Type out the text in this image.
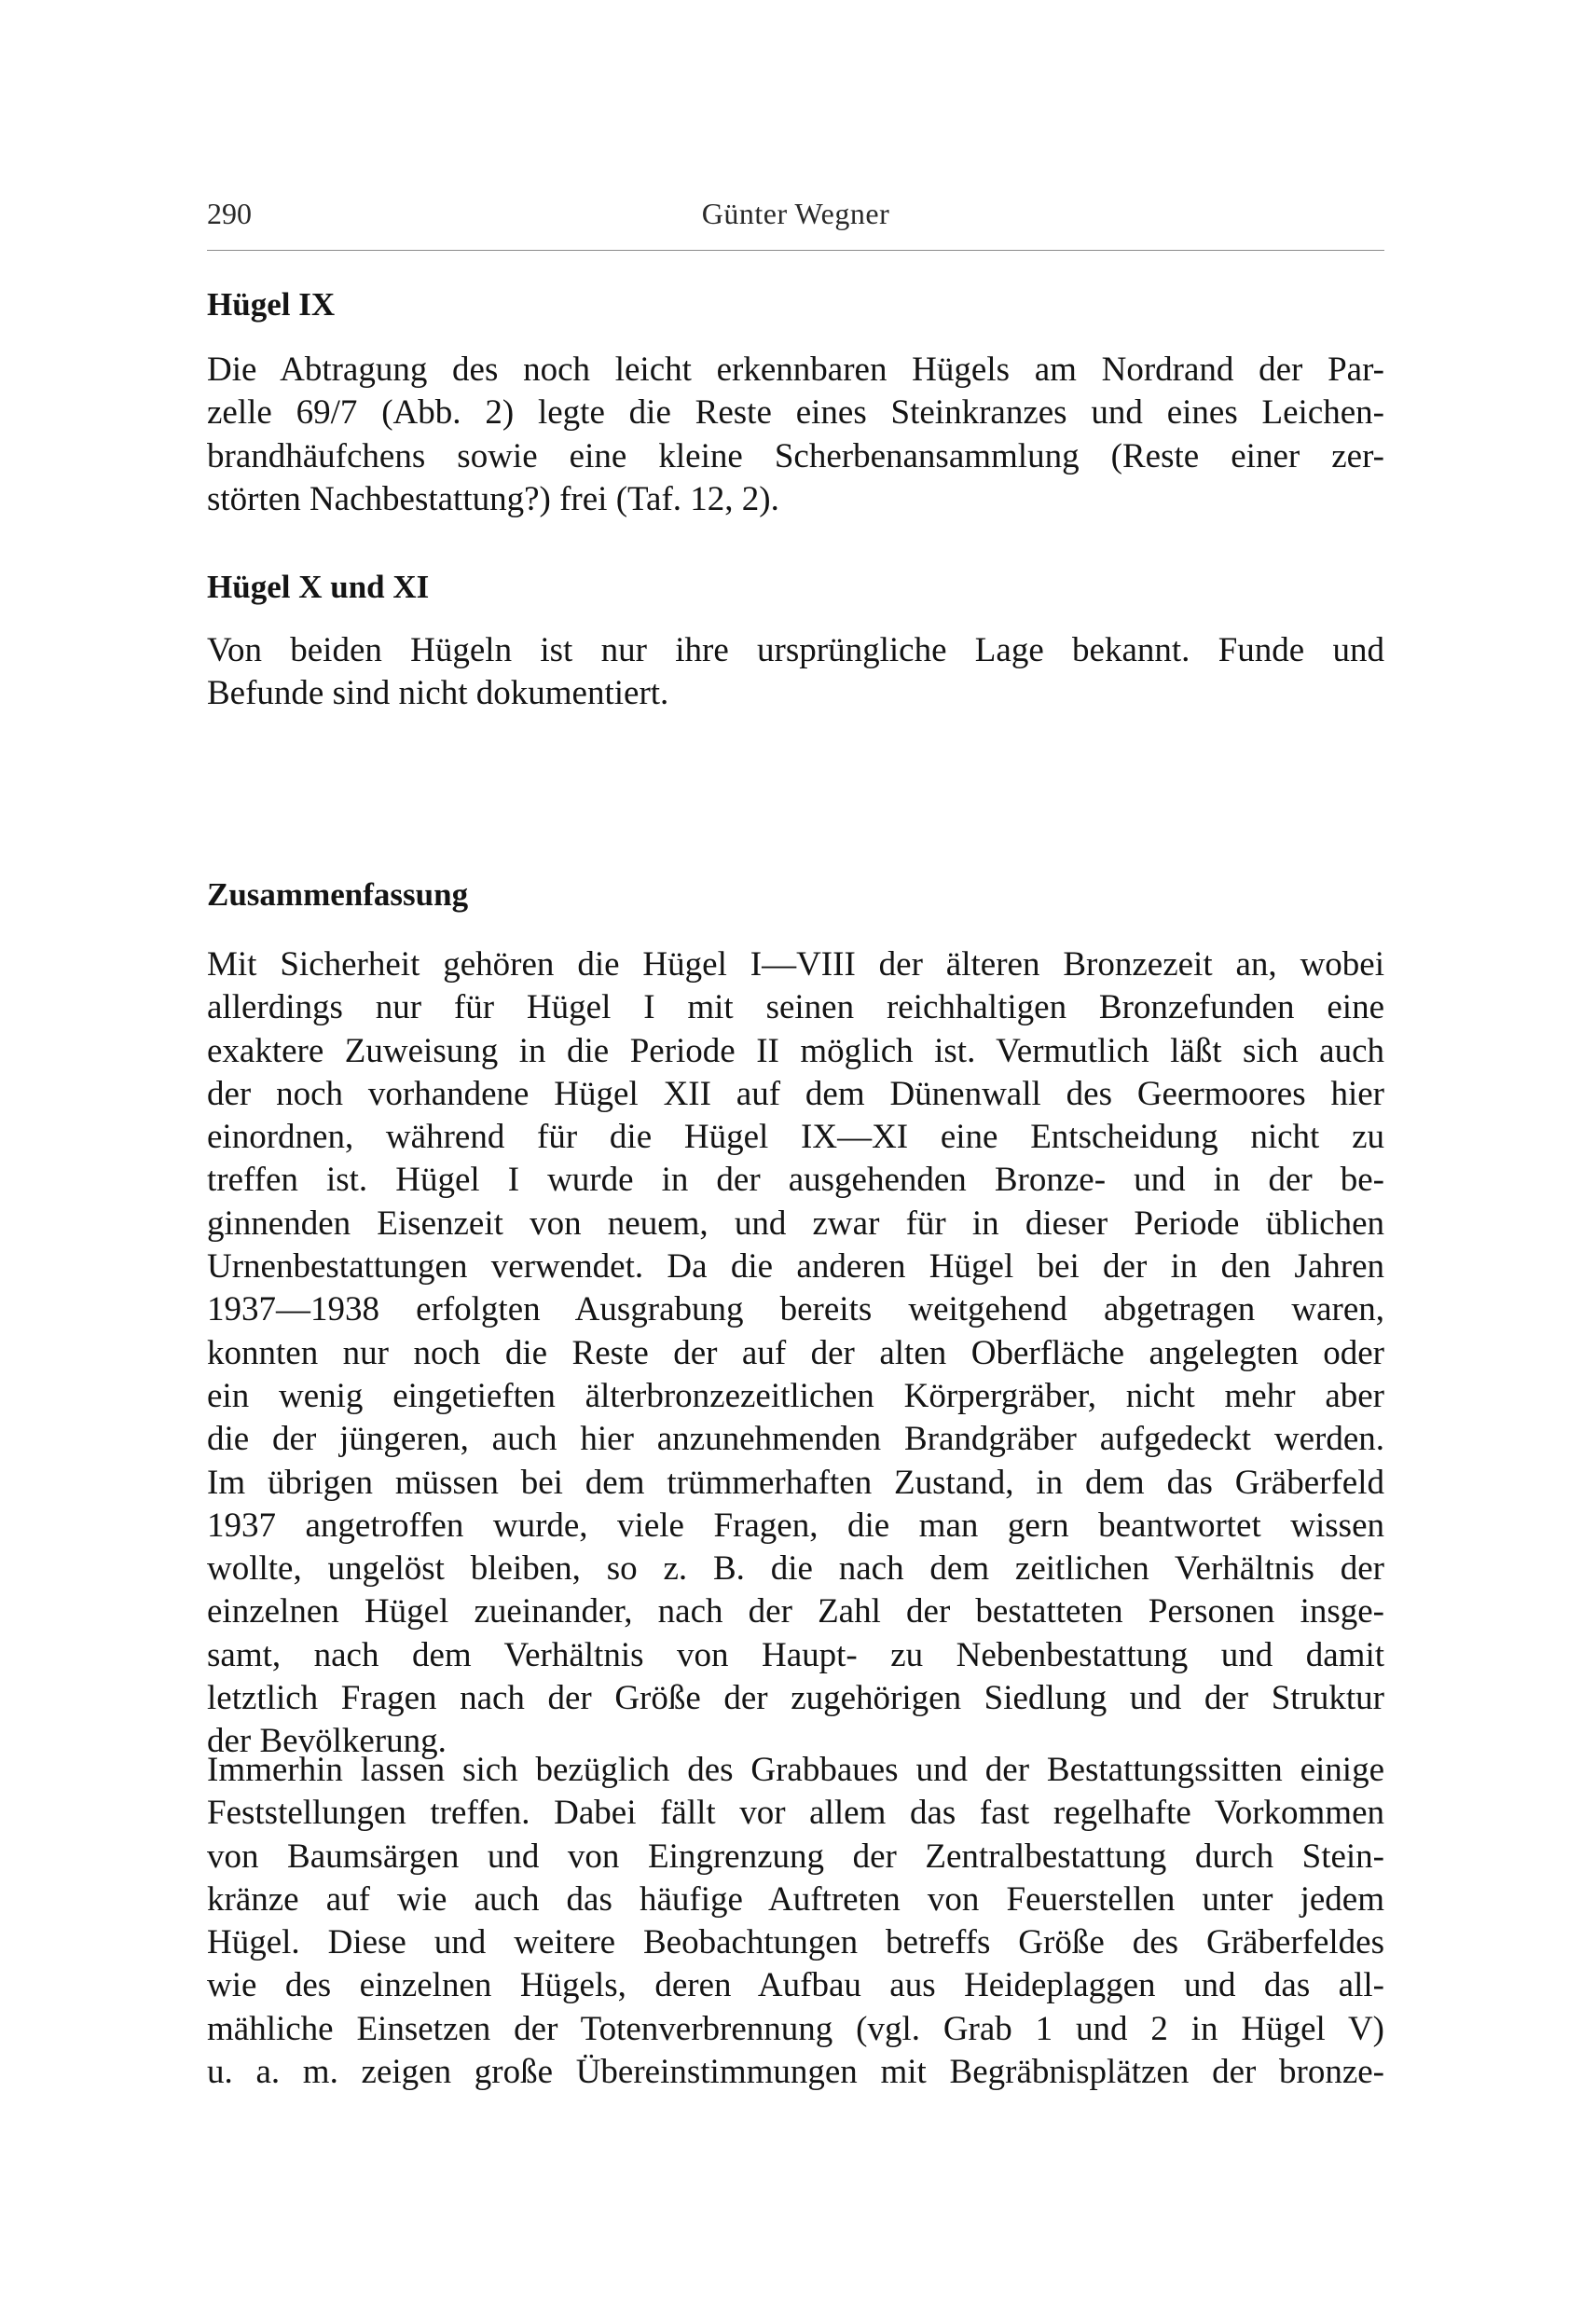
290	Günter Wegner
Hügel IX
Die Abtragung des noch leicht erkennbaren Hügels am Nordrand der Par-
zelle 69/7 (Abb. 2) legte die Reste eines Steinkranzes und eines Leichen-
brandhäufchens sowie eine kleine Scherbenansammlung (Reste einer zer-
störten Nachbestattung?) frei (Taf. 12, 2).
Hügel X und XI
Von beiden Hügeln ist nur ihre ursprüngliche Lage bekannt. Funde und
Befunde sind nicht dokumentiert.
Zusammenfassung
Mit Sicherheit gehören die Hügel I—VIII der älteren Bronzezeit an, wobei
allerdings nur für Hügel I mit seinen reichhaltigen Bronzefunden eine
exaktere Zuweisung in die Periode II möglich ist. Vermutlich läßt sich auch
der noch vorhandene Hügel XII auf dem Dünenwall des Geermoores hier
einordnen, während für die Hügel IX—XI eine Entscheidung nicht zu
treffen ist. Hügel I wurde in der ausgehenden Bronze- und in der be-
ginnenden Eisenzeit von neuem, und zwar für in dieser Periode üblichen
Urnenbestattungen verwendet. Da die anderen Hügel bei der in den Jahren
1937—1938 erfolgten Ausgrabung bereits weitgehend abgetragen waren,
konnten nur noch die Reste der auf der alten Oberfläche angelegten oder
ein wenig eingetieften älterbronzezeitlichen Körpergräber, nicht mehr aber
die der jüngeren, auch hier anzunehmenden Brandgräber aufgedeckt werden.
Im übrigen müssen bei dem trümmerhaften Zustand, in dem das Gräberfeld
1937 angetroffen wurde, viele Fragen, die man gern beantwortet wissen
wollte, ungelöst bleiben, so z. B. die nach dem zeitlichen Verhältnis der
einzelnen Hügel zueinander, nach der Zahl der bestatteten Personen insge-
samt, nach dem Verhältnis von Haupt- zu Nebenbestattung und damit
letztlich Fragen nach der Größe der zugehörigen Siedlung und der Struktur
der Bevölkerung.
Immerhin lassen sich bezüglich des Grabbaues und der Bestattungssitten einige
Feststellungen treffen. Dabei fällt vor allem das fast regelhafte Vorkommen
von Baumsärgen und von Eingrenzung der Zentralbestattung durch Stein-
kränze auf wie auch das häufige Auftreten von Feuerstellen unter jedem
Hügel. Diese und weitere Beobachtungen betreffs Größe des Gräberfeldes
wie des einzelnen Hügels, deren Aufbau aus Heideplaggen und das all-
mähliche Einsetzen der Totenverbrennung (vgl. Grab 1 und 2 in Hügel V)
u. a. m. zeigen große Übereinstimmungen mit Begräbnisplätzen der bronze-
